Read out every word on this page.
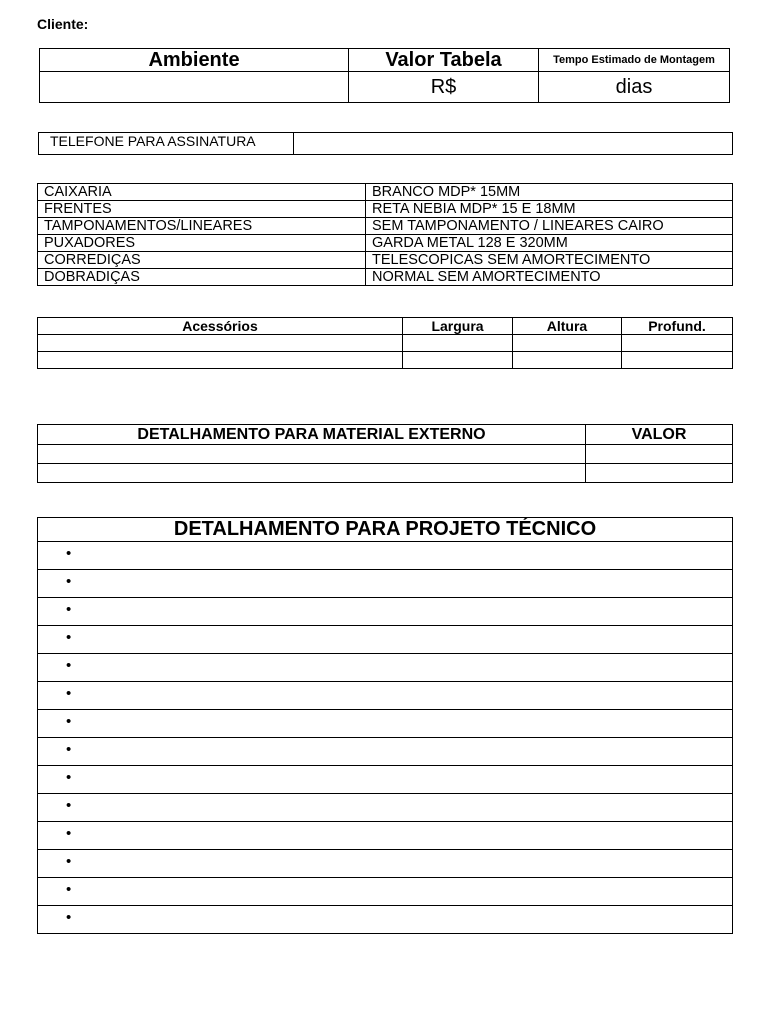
Cliente:
Ambiente	Valor Tabela	Tempo Estimado de Montagem
	R$	dias
TELEFONE PARA ASSINATURA	
CAIXARIA	BRANCO MDP* 15MM
FRENTES	RETA NEBIA MDP* 15 E 18MM
TAMPONAMENTOS/LINEARES	SEM TAMPONAMENTO / LINEARES CAIRO
PUXADORES	GARDA METAL 128 E 320MM
CORREDIÇAS	TELESCOPICAS SEM AMORTECIMENTO
DOBRADIÇAS	NORMAL SEM AMORTECIMENTO
Acessórios	Largura	Altura	Profund.

DETALHAMENTO PARA MATERIAL EXTERNO	VALOR

DETALHAMENTO PARA PROJETO TÉCNICO
•
•
•
•
•
•
•
•
•
•
•
•
•
•
